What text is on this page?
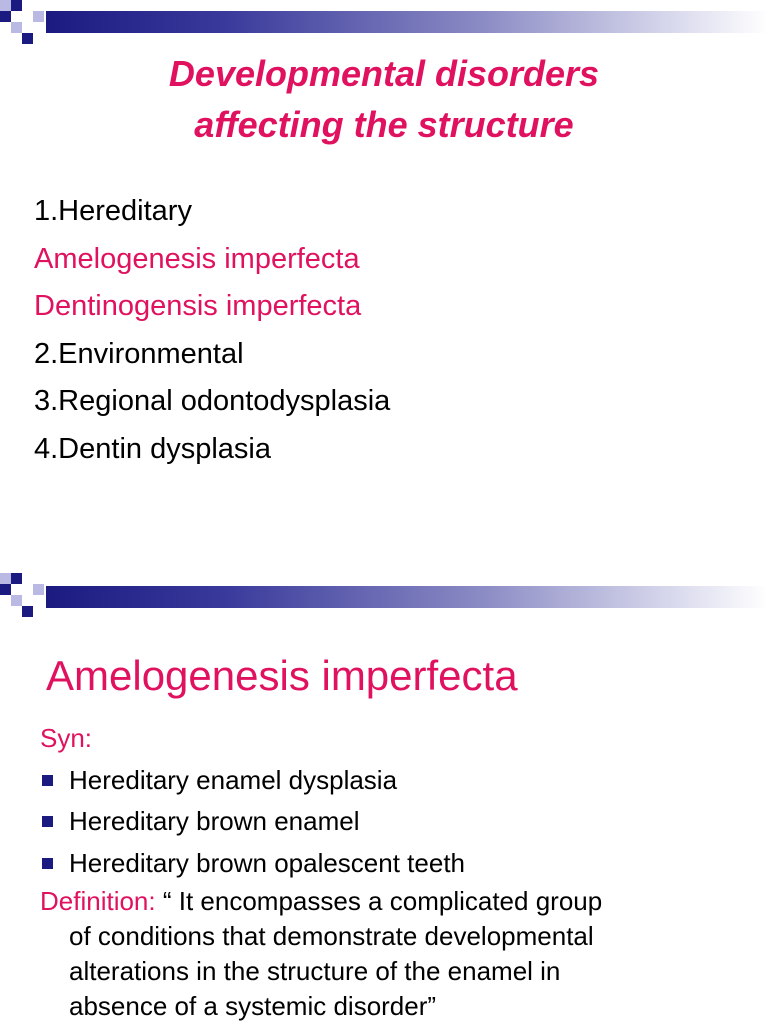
Developmental disorders
affecting the structure
1.Hereditary
Amelogenesis imperfecta
Dentinogensis imperfecta
2.Environmental
3.Regional odontodysplasia
4.Dentin dysplasia
Amelogenesis imperfecta
Syn:
Hereditary enamel dysplasia
Hereditary brown enamel
Hereditary brown opalescent teeth
Definition: “ It encompasses a complicated group
of conditions that demonstrate developmental
alterations in the structure of the enamel in
absence of a systemic disorder”
